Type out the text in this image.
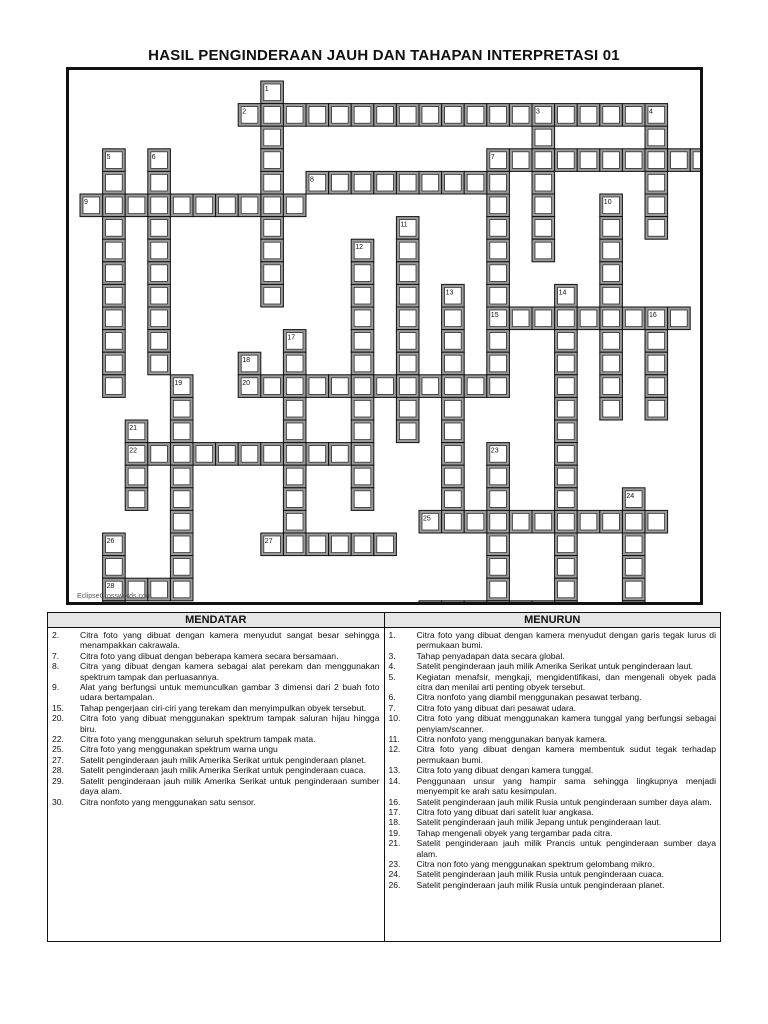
HASIL PENGINDERAAN JAUH DAN TAHAPAN INTERPRETASI 01
1
2	3	4
5	6	7
8
9	10
11
12
13	14
15	16
17
18
19	20
21
22	23
24
25
26	27
28
EclipseCrosswords.com
MENDATAR
2.	Citra foto yang dibuat dengan kamera menyudut sangat besar sehingga menampakkan cakrawala.
7.	Citra foto yang dibuat dengan beberapa kamera secara bersamaan.
8.	Citra yang dibuat dengan kamera sebagai alat perekam dan menggunakan spektrum tampak dan perluasannya.
9.	Alat yang berfungsi untuk memunculkan gambar 3 dimensi dari 2 buah foto udara bertampalan.
15.	Tahap pengerjaan ciri-ciri yang terekam dan menyimpulkan obyek tersebut.
20.	Citra foto yang dibuat menggunakan spektrum tampak saluran hijau hingga biru.
22.	Citra foto yang menggunakan seluruh spektrum tampak mata.
25.	Citra foto yang menggunakan spektrum warna ungu
27.	Satelit penginderaan jauh milik Amerika Serikat untuk penginderaan planet.
28.	Satelit penginderaan jauh milik Amerika Serikat untuk penginderaan cuaca.
29.	Satelit penginderaan jauh milik Amerika Serikat untuk penginderaan sumber daya alam.
30.	Citra nonfoto yang menggunakan satu sensor.
MENURUN
1.	Citra foto yang dibuat dengan kamera menyudut dengan garis tegak lurus di permukaan bumi.
3.	Tahap penyadapan data secara global.
4.	Satelit penginderaan jauh milik Amerika Serikat untuk penginderaan laut.
5.	Kegiatan menafsir, mengkaji, mengidentifikasi, dan mengenali obyek pada citra dan menilai arti penting obyek tersebut.
6.	Citra nonfoto yang diambil menggunakan pesawat terbang.
7.	Citra foto yang dibuat dari pesawat udara.
10.	Citra foto yang dibuat menggunakan kamera tunggal yang berfungsi sebagai penyiam/scanner.
11.	Citra nonfoto yang menggunakan banyak kamera.
12.	Citra foto yang dibuat dengan kamera membentuk sudut tegak terhadap permukaan bumi.
13.	Citra foto yang dibuat dengan kamera tunggal.
14.	Penggunaan unsur yang hampir sama sehingga lingkupnya menjadi menyempit ke arah satu kesimpulan.
16.	Satelit penginderaan jauh milik Rusia untuk penginderaan sumber daya alam.
17.	Citra foto yang dibuat dari satelit luar angkasa.
18.	Satelit penginderaan jauh milik Jepang untuk penginderaan laut.
19.	Tahap mengenali obyek yang tergambar pada citra.
21.	Satelit penginderaan jauh milik Prancis untuk penginderaan sumber daya alam.
23.	Citra non foto yang menggunakan spektrum gelombang mikro.
24.	Satelit penginderaan jauh milik Rusia untuk penginderaan cuaca.
26.	Satelit penginderaan jauh milik Rusia untuk penginderaan planet.
